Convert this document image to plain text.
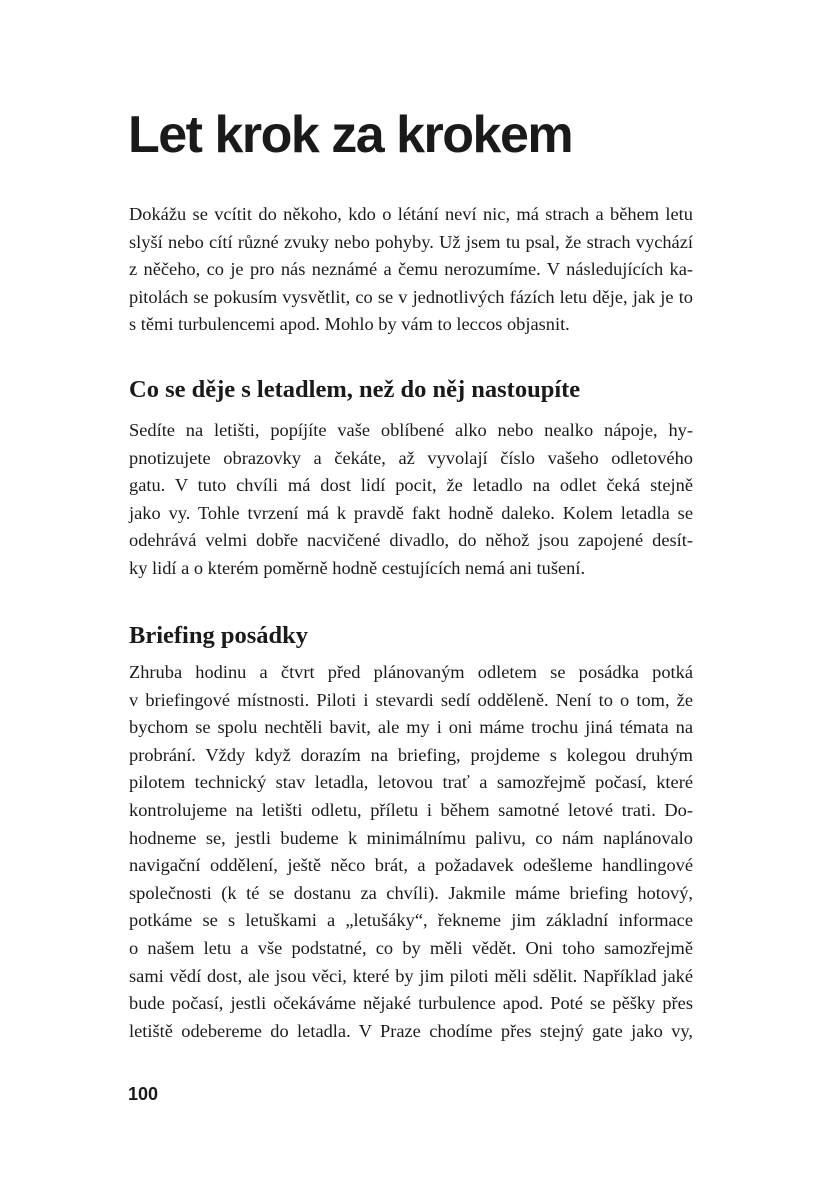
Let krok za krokem
Dokážu se vcítit do někoho, kdo o létání neví nic, má strach a během letu
slyší nebo cítí různé zvuky nebo pohyby. Už jsem tu psal, že strach vychází
z něčeho, co je pro nás neznámé a čemu nerozumíme. V následujících ka-
pitolách se pokusím vysvětlit, co se v jednotlivých fázích letu děje, jak je to
s těmi turbulencemi apod. Mohlo by vám to leccos objasnit.
Co se děje s letadlem, než do něj nastoupíte
Sedíte na letišti, popíjíte vaše oblíbené alko nebo nealko nápoje, hy-
pnotizujete obrazovky a čekáte, až vyvolají číslo vašeho odletového
gatu. V tuto chvíli má dost lidí pocit, že letadlo na odlet čeká stejně
jako vy. Tohle tvrzení má k pravdě fakt hodně daleko. Kolem letadla se
odehrává velmi dobře nacvičené divadlo, do něhož jsou zapojené desít-
ky lidí a o kterém poměrně hodně cestujících nemá ani tušení.
Briefing posádky
Zhruba hodinu a čtvrt před plánovaným odletem se posádka potká
v briefingové místnosti. Piloti i stevardi sedí odděleně. Není to o tom, že
bychom se spolu nechtěli bavit, ale my i oni máme trochu jiná témata na
probrání. Vždy když dorazím na briefing, projdeme s kolegou druhým
pilotem technický stav letadla, letovou trať a samozřejmě počasí, které
kontrolujeme na letišti odletu, příletu i během samotné letové trati. Do-
hodneme se, jestli budeme k minimálnímu palivu, co nám naplánovalo
navigační oddělení, ještě něco brát, a požadavek odešleme handlingové
společnosti (k té se dostanu za chvíli). Jakmile máme briefing hotový,
potkáme se s letuškami a „letušáky“, řekneme jim základní informace
o našem letu a vše podstatné, co by měli vědět. Oni toho samozřejmě
sami vědí dost, ale jsou věci, které by jim piloti měli sdělit. Například jaké
bude počasí, jestli očekáváme nějaké turbulence apod. Poté se pěšky přes
letiště odebereme do letadla. V Praze chodíme přes stejný gate jako vy,
100
